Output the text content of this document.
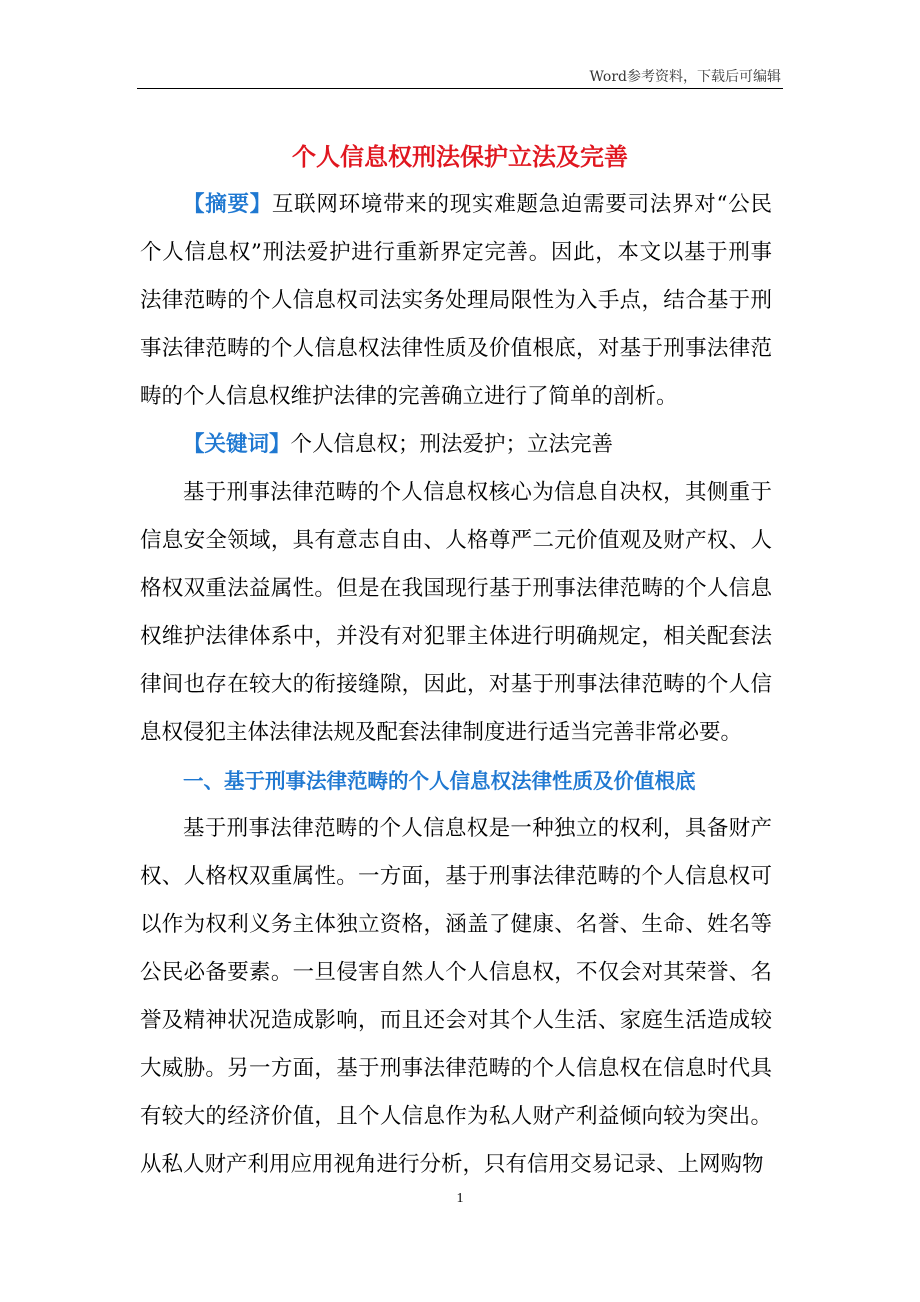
Word参考资料，下载后可编辑
个人信息权刑法保护立法及完善

【摘要】互联网环境带来的现实难题急迫需要司法界对“公民个人信息权”刑法爱护进行重新界定完善。因此，本文以基于刑事法律范畴的个人信息权司法实务处理局限性为入手点，结合基于刑事法律范畴的个人信息权法律性质及价值根底，对基于刑事法律范畴的个人信息权维护法律的完善确立进行了简单的剖析。

【关键词】个人信息权；刑法爱护；立法完善

基于刑事法律范畴的个人信息权核心为信息自决权，其侧重于信息安全领域，具有意志自由、人格尊严二元价值观及财产权、人格权双重法益属性。但是在我国现行基于刑事法律范畴的个人信息权维护法律体系中，并没有对犯罪主体进行明确规定，相关配套法律间也存在较大的衔接缝隙，因此，对基于刑事法律范畴的个人信息权侵犯主体法律法规及配套法律制度进行适当完善非常必要。

一、基于刑事法律范畴的个人信息权法律性质及价值根底

基于刑事法律范畴的个人信息权是一种独立的权利，具备财产权、人格权双重属性。一方面，基于刑事法律范畴的个人信息权可以作为权利义务主体独立资格，涵盖了健康、名誉、生命、姓名等公民必备要素。一旦侵害自然人个人信息权，不仅会对其荣誉、名誉及精神状况造成影响，而且还会对其个人生活、家庭生活造成较大威胁。另一方面，基于刑事法律范畴的个人信息权在信息时代具有较大的经济价值，且个人信息作为私人财产利益倾向较为突出。从私人财产利用应用视角进行分析，只有信用交易记录、上网购物

1
